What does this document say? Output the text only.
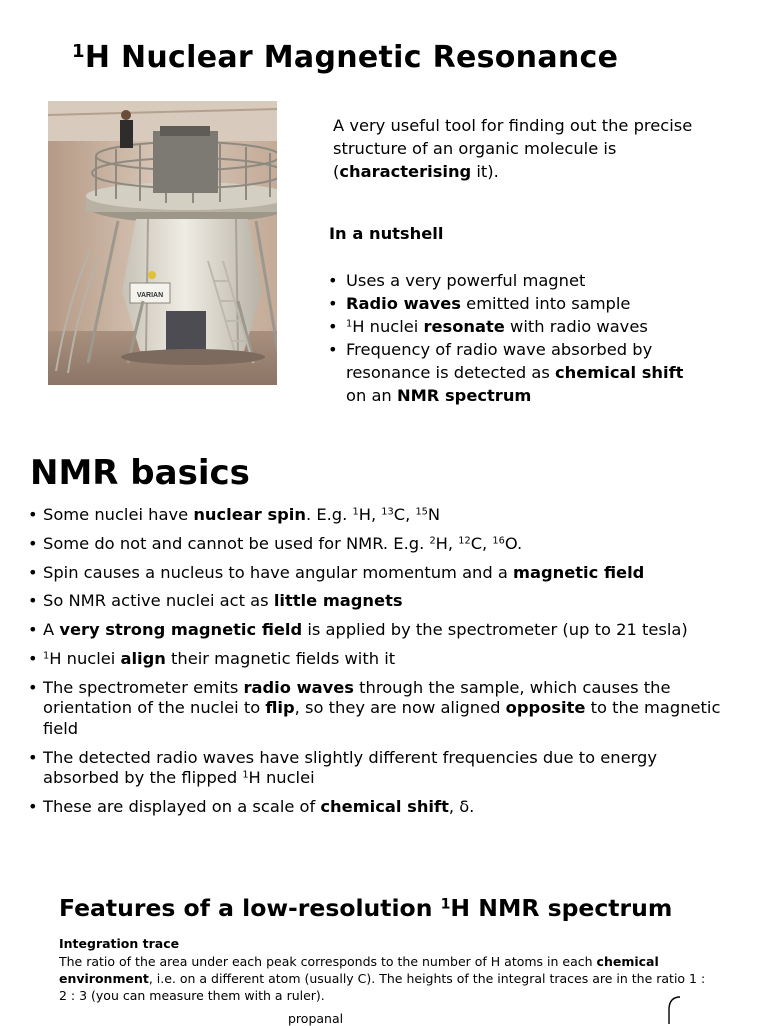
$^1$H Nuclear Magnetic Resonance
VARIAN
A very useful tool for finding out the precise structure of an organic molecule is (characterising it).
In a nutshell
• Uses a very powerful magnet
• Radio waves emitted into sample
• $^1$H nuclei resonate with radio waves
• Frequency of radio wave absorbed by resonance is detected as chemical shift on an NMR spectrum
NMR basics
• Some nuclei have nuclear spin. E.g. $^1$H, $^{13}$C, $^{15}$N
• Some do not and cannot be used for NMR. E.g. $^2$H, $^{12}$C, $^{16}$O.
• Spin causes a nucleus to have angular momentum and a magnetic field
• So NMR active nuclei act as little magnets
• A very strong magnetic field is applied by the spectrometer (up to 21 tesla)
• $^1$H nuclei align their magnetic fields with it
• The spectrometer emits radio waves through the sample, which causes the orientation of the nuclei to flip, so they are now aligned opposite to the magnetic field
• The detected radio waves have slightly different frequencies due to energy absorbed by the flipped $^1$H nuclei
• These are displayed on a scale of chemical shift, δ.
Features of a low-resolution $^1$H NMR spectrum
Integration trace
The ratio of the area under each peak corresponds to the number of H atoms in each chemical environment, i.e. on a different atom (usually C). The heights of the integral traces are in the ratio 1 : 2 : 3 (you can measure them with a ruler).
propanal
